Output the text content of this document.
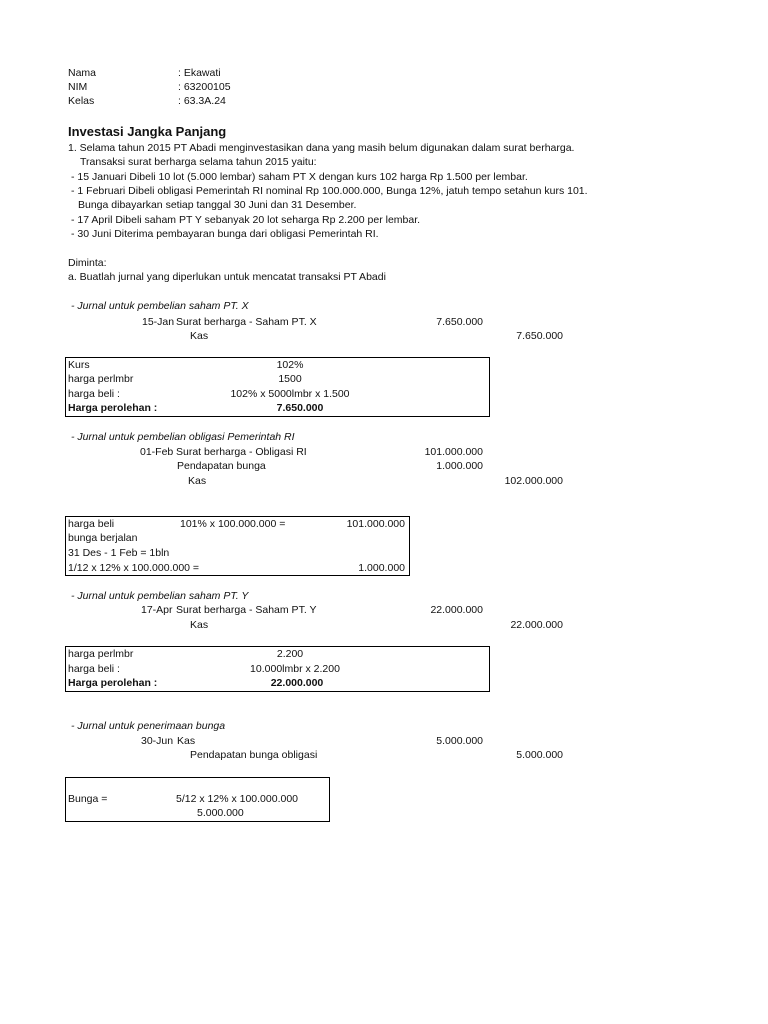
Nama	: Ekawati
NIM	: 63200105
Kelas	: 63.3A.24
Investasi Jangka Panjang
1. Selama tahun 2015 PT Abadi menginvestasikan dana yang masih belum digunakan dalam surat berharga.
Transaksi surat berharga selama tahun 2015 yaitu:
- 15 Januari Dibeli 10 lot (5.000 lembar) saham PT X dengan kurs 102 harga Rp 1.500 per lembar.
- 1 Februari Dibeli obligasi Pemerintah RI nominal Rp 100.000.000, Bunga 12%, jatuh tempo setahun kurs 101.
Bunga dibayarkan setiap tanggal 30 Juni dan 31 Desember.
- 17 April Dibeli saham PT Y sebanyak 20 lot seharga Rp 2.200 per lembar.
- 30 Juni Diterima pembayaran bunga dari obligasi Pemerintah RI.
Diminta:
a. Buatlah jurnal yang diperlukan untuk mencatat transaksi PT Abadi
- Jurnal untuk pembelian saham PT. X
15-Jan Surat berharga - Saham PT. X	7.650.000
Kas	7.650.000
Kurs	102%
harga perlmbr	1500
harga beli :	102% x 5000lmbr x 1.500
Harga perolehan :	7.650.000
- Jurnal untuk pembelian obligasi Pemerintah RI
01-Feb Surat berharga - Obligasi RI	101.000.000
Pendapatan bunga	1.000.000
Kas	102.000.000
harga beli	101% x 100.000.000 =	101.000.000
bunga berjalan
31 Des - 1 Feb = 1bln
1/12 x 12% x 100.000.000 =	1.000.000
- Jurnal untuk pembelian saham PT. Y
17-Apr Surat berharga - Saham PT. Y	22.000.000
Kas	22.000.000
harga perlmbr	2.200
harga beli :	10.000lmbr x 2.200
Harga perolehan :	22.000.000
- Jurnal untuk penerimaan bunga
30-Jun Kas	5.000.000
Pendapatan bunga obligasi	5.000.000
Bunga =	5/12 x 12% x 100.000.000
5.000.000
